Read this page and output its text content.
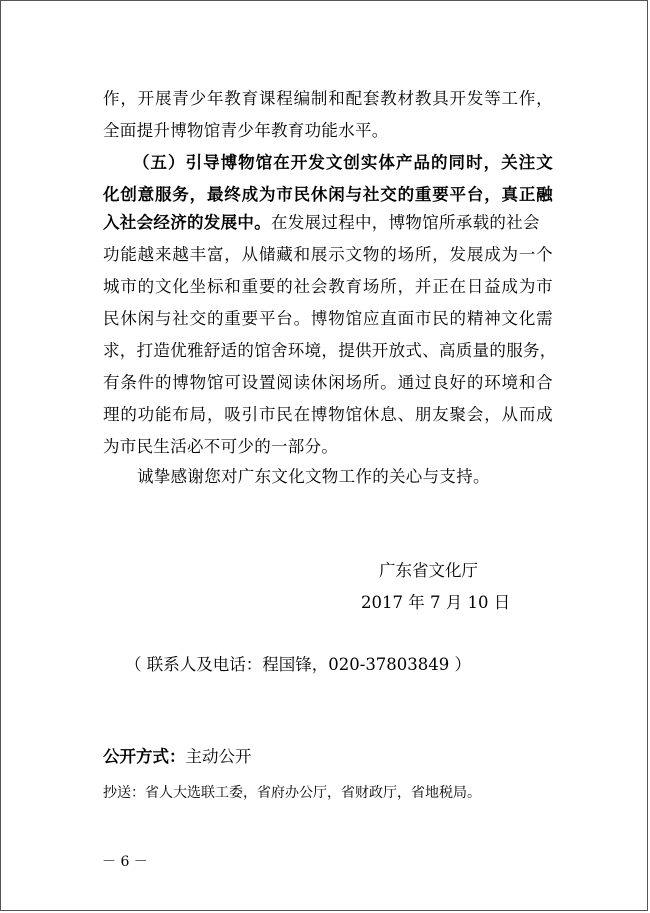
作，开展青少年教育课程编制和配套教材教具开发等工作，
全面提升博物馆青少年教育功能水平。
（五）引导博物馆在开发文创实体产品的同时，关注文
化创意服务，最终成为市民休闲与社交的重要平台，真正融
入社会经济的发展中。在发展过程中，博物馆所承载的社会
功能越来越丰富，从储藏和展示文物的场所，发展成为一个
城市的文化坐标和重要的社会教育场所，并正在日益成为市
民休闲与社交的重要平台。博物馆应直面市民的精神文化需
求，打造优雅舒适的馆舍环境，提供开放式、高质量的服务，
有条件的博物馆可设置阅读休闲场所。通过良好的环境和合
理的功能布局，吸引市民在博物馆休息、朋友聚会，从而成
为市民生活必不可少的一部分。
诚挚感谢您对广东文化文物工作的关心与支持。
广东省文化厅
2017 年 7 月 10 日
（ 联系人及电话：程国锋，020-37803849 ）
公开方式：主动公开
抄送：省人大选联工委，省府办公厅，省财政厅，省地税局。
－ 6 －
